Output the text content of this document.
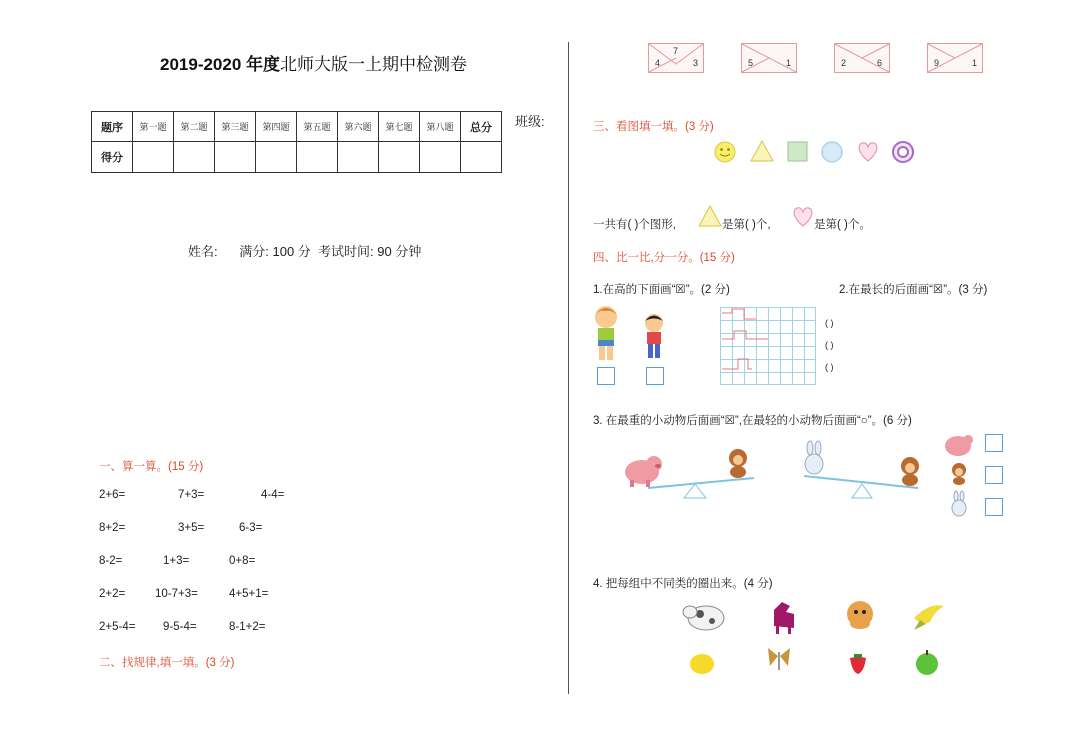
2019-2020 年度北师大版一上期中检测卷
题序	第一题	第二题	第三题	第四题	第五题	第六题	第七题	第八题	总分
得分									
班级:
姓名:      满分: 100 分  考试时间: 90 分钟
一、算一算。(15 分)
2+6=	7+3=	4-4=
8+2=	3+5=	6-3=
8-2=	1+3=	0+8=
2+2=	10-7+3=	4+5+1=
2+5-4= 9-5-4=	8-1+2=
二、找规律,填一填。(3 分)
7
4	3	5	1	2	6	9	1
三、看图填一填。(3 分)
一共有( )个图形,	是第( )个,	是第( )个。
四、比一比,分一分。(15 分)
1.在高的下面画“☒”。(2 分)	2.在最长的后面画“☒”。(3 分)
( )
( )
( )
3. 在最重的小动物后面画“☒”,在最轻的小动物后面画“○”。(6 分)
4. 把每组中不同类的圈出来。(4 分)
